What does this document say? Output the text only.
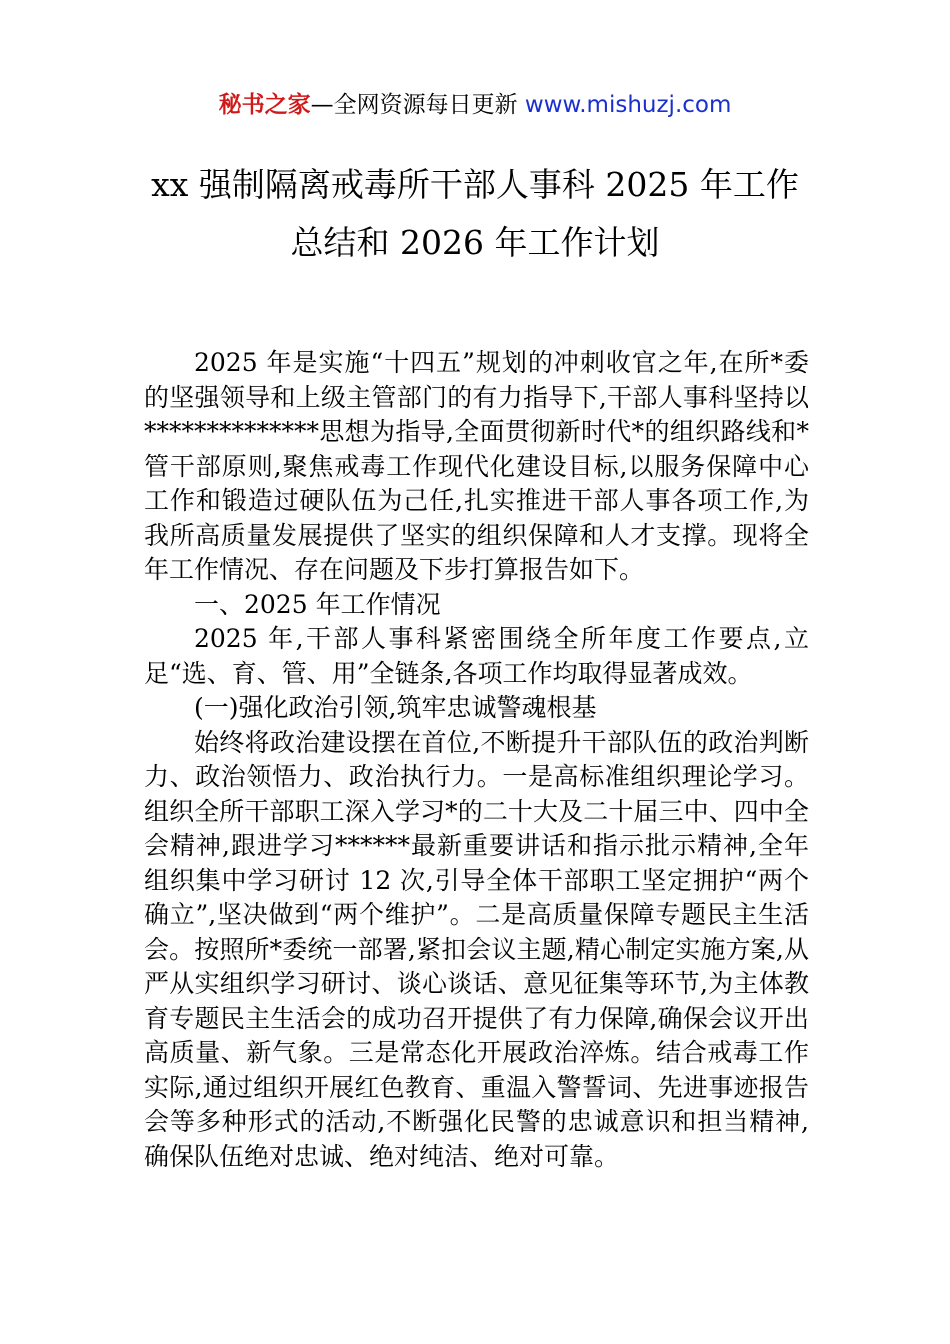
秘书之家—全网资源每日更新 www.mishuzj.com
xx 强制隔离戒毒所干部人事科 2025 年工作
总结和 2026 年工作计划

2025 年是实施“十四五”规划的冲刺收官之年,在所*委的坚强领导和上级主管部门的有力指导下,干部人事科坚持以**************思想为指导,全面贯彻新时代*的组织路线和*管干部原则,聚焦戒毒工作现代化建设目标,以服务保障中心工作和锻造过硬队伍为己任,扎实推进干部人事各项工作,为我所高质量发展提供了坚实的组织保障和人才支撑。现将全年工作情况、存在问题及下步打算报告如下。

一、2025 年工作情况

2025 年,干部人事科紧密围绕全所年度工作要点,立足“选、育、管、用”全链条,各项工作均取得显著成效。

(一)强化政治引领,筑牢忠诚警魂根基

始终将政治建设摆在首位,不断提升干部队伍的政治判断力、政治领悟力、政治执行力。一是高标准组织理论学习。组织全所干部职工深入学习*的二十大及二十届三中、四中全会精神,跟进学习******最新重要讲话和指示批示精神,全年组织集中学习研讨 12 次,引导全体干部职工坚定拥护“两个确立”,坚决做到“两个维护”。二是高质量保障专题民主生活会。按照所*委统一部署,紧扣会议主题,精心制定实施方案,从严从实组织学习研讨、谈心谈话、意见征集等环节,为主体教育专题民主生活会的成功召开提供了有力保障,确保会议开出高质量、新气象。三是常态化开展政治淬炼。结合戒毒工作实际,通过组织开展红色教育、重温入警誓词、先进事迹报告会等多种形式的活动,不断强化民警的忠诚意识和担当精神,确保队伍绝对忠诚、绝对纯洁、绝对可靠。
